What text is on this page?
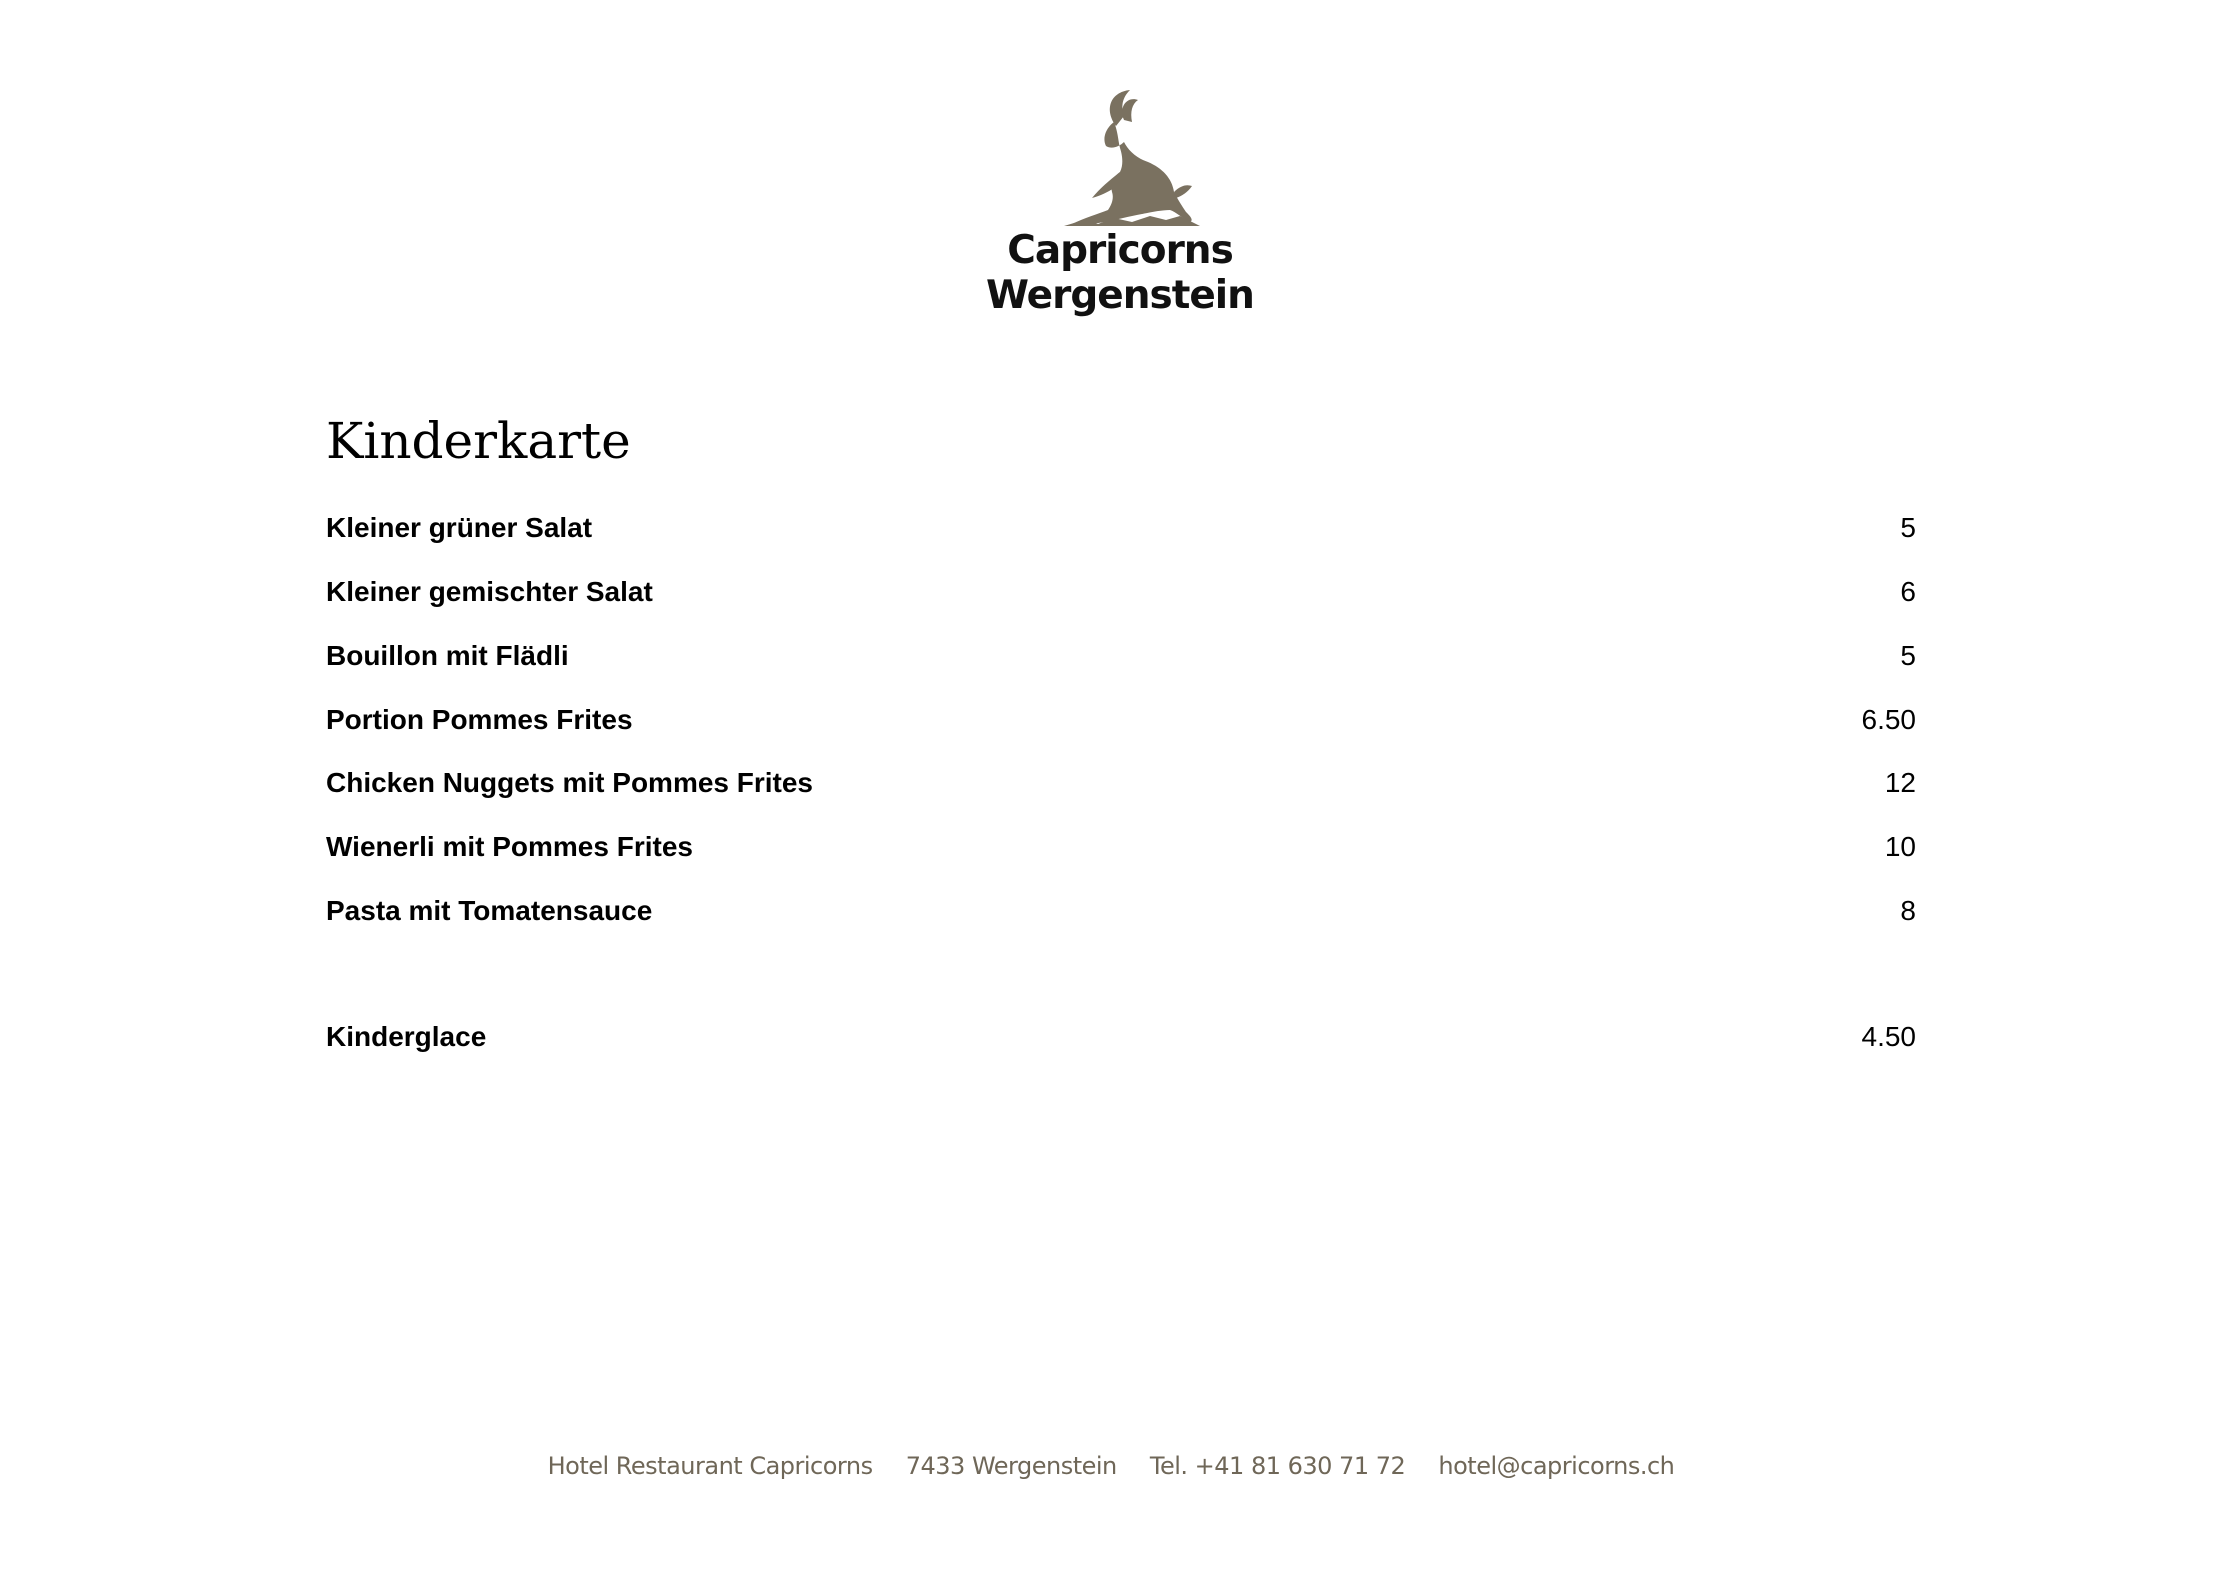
Capricorns Wergenstein
Kinderkarte
Kleiner grüner Salat	5
Kleiner gemischter Salat	6
Bouillon mit Flädli	5
Portion Pommes Frites	6.50
Chicken Nuggets mit Pommes Frites	12
Wienerli mit Pommes Frites	10
Pasta mit Tomatensauce	8
Kinderglace	4.50
Hotel Restaurant Capricorns 7433 Wergenstein Tel. +41 81 630 71 72 hotel@capricorns.ch
